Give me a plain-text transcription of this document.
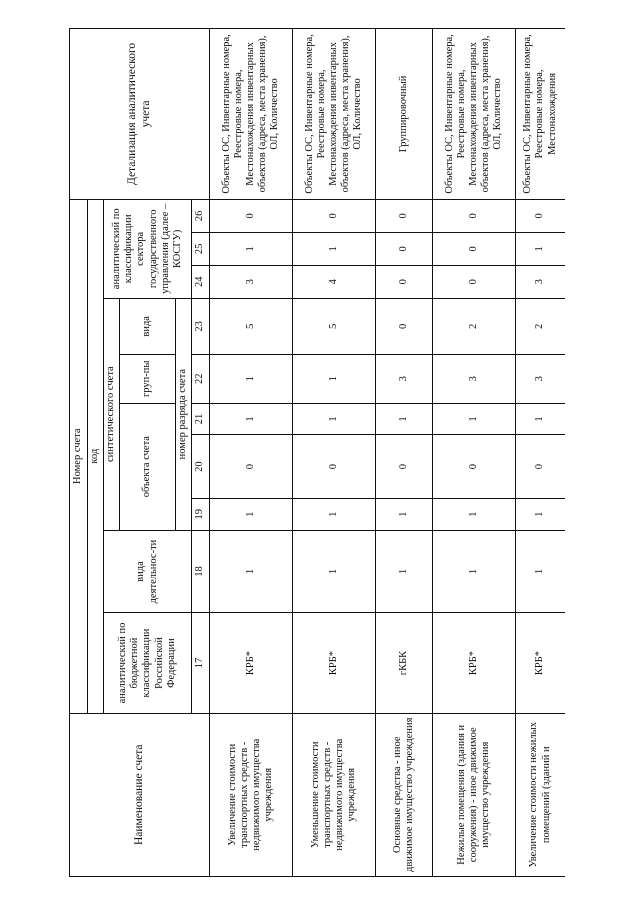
Наименование счета	Номер счета										Детализация аналитического учета
	код										
	аналитический по бюджетной классификации Российской Федерации	вида деятельнос-ти	синтетического счета					аналитический по классификации сектора государственного управления (далее – КОСГУ)			
			объекта счета			груп-пы	вида				
			номер разряда счета								
	17	18	19	20	21	22	23	24	25	26	
Увеличение стоимости транспортных средств - недвижимого имущества учреждения	КРБ*	1	1	0	1	1	5	3	1	0	Объекты ОС, Инвентарные номера, Реестровые номера, Местонахождения инвентарных объектов (адреса, места хранения), ОЛ, Количество
Уменьшение стоимости транспортных средств - недвижимого имущества учреждения	КРБ*	1	1	0	1	1	5	4	1	0	Объекты ОС, Инвентарные номера, Реестровые номера, Местонахождения инвентарных объектов (адреса, места хранения), ОЛ, Количество
Основные средства - иное движимое имущество учреждения	гКБК	1	1	0	1	3	0	0	0	0	Группировочный
Нежилые помещения (здания и сооружения) - иное движимое имущество учреждения	КРБ*	1	1	0	1	3	2	0	0	0	Объекты ОС, Инвентарные номера, Реестровые номера, Местонахождения инвентарных объектов (адреса, места хранения), ОЛ, Количество
Увеличение стоимости нежилых помещений (зданий и	КРБ*	1	1	0	1	3	2	3	1	0	Объекты ОС, Инвентарные номера, Реестровые номера, Местонахождения
